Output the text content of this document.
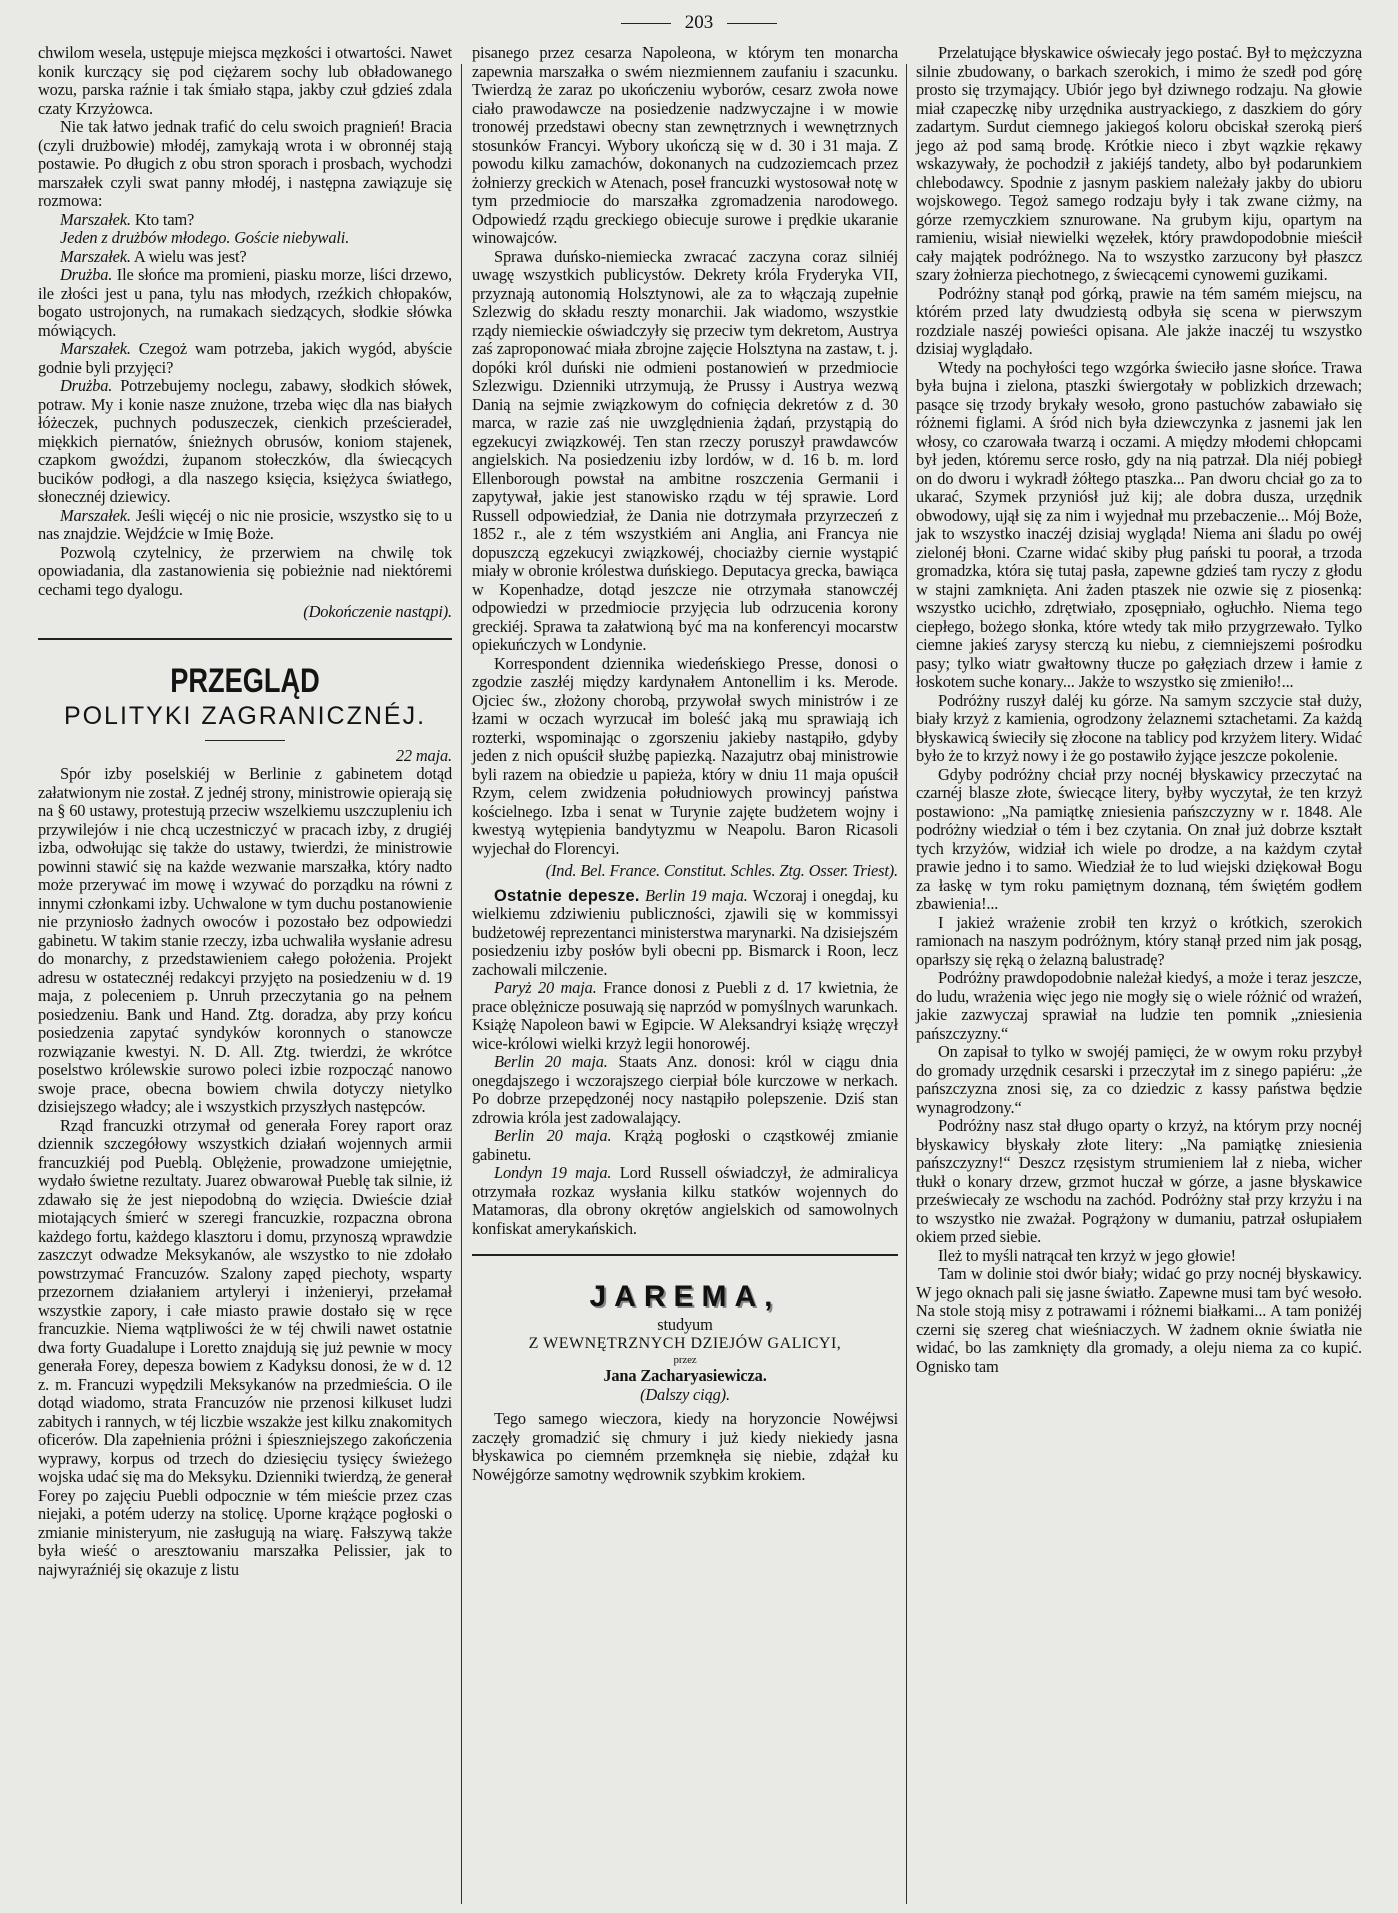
203

chwilom wesela, ustępuje miejsca męzkości i otwartości. Nawet konik kurczący się pod ciężarem sochy lub obładowanego wozu, parska raźnie i tak śmiało stąpa, jakby czuł gdzieś zdala czaty Krzyżowca.

Nie tak łatwo jednak trafić do celu swoich pragnień! Bracia (czyli drużbowie) młodéj, zamykają wrota i w obronnéj stają postawie. Po długich z obu stron sporach i prosbach, wychodzi marszałek czyli swat panny młodéj, i następna zawiązuje się rozmowa:

Marszałek. Kto tam?

Jeden z drużbów młodego. Goście niebywali.

Marszałek. A wielu was jest?

Drużba. Ile słońce ma promieni, piasku morze, liści drzewo, ile złości jest u pana, tylu nas młodych, rzeźkich chłopaków, bogato ustrojonych, na rumakach siedzących, słodkie słówka mówiących.

Marszałek. Czegoż wam potrzeba, jakich wygód, abyście godnie byli przyjęci?

Drużba. Potrzebujemy noclegu, zabawy, słodkich słówek, potraw. My i konie nasze znużone, trzeba więc dla nas białych łóżeczek, puchnych poduszeczek, cienkich prześcieradeł, miękkich piernatów, śnieżnych obrusów, koniom stajenek, czapkom gwoździ, żupanom stołeczków, dla świecących bucików podłogi, a dla naszego księcia, księżyca światłego, słonecznéj dziewicy.

Marszałek. Jeśli więcéj o nic nie prosicie, wszystko się to u nas znajdzie. Wejdźcie w Imię Boże.

Pozwolą czytelnicy, że przerwiem na chwilę tok opowiadania, dla zastanowienia się pobieżnie nad niektóremi cechami tego dyalogu.

(Dokończenie nastąpi).
PRZEGLĄD
POLITYKI ZAGRANICZNÉJ.
22 maja.

Spór izby poselskiéj w Berlinie z gabinetem dotąd załatwionym nie został. Z jednéj strony, ministrowie opierają się na § 60 ustawy, protestują przeciw wszelkiemu uszczupleniu ich przywilejów i nie chcą uczestniczyć w pracach izby, z drugiéj izba, odwołując się także do ustawy, twierdzi, że ministrowie powinni stawić się na każde wezwanie marszałka, który nadto może przerywać im mowę i wzywać do porządku na równi z innymi członkami izby. Uchwalone w tym duchu postanowienie nie przyniosło żadnych owoców i pozostało bez odpowiedzi gabinetu. W takim stanie rzeczy, izba uchwaliła wysłanie adresu do monarchy, z przedstawieniem całego położenia. Projekt adresu w ostatecznéj redakcyi przyjęto na posiedzeniu w d. 19 maja, z poleceniem p. Unruh przeczytania go na pełnem posiedzeniu. Bank und Hand. Ztg. doradza, aby przy końcu posiedzenia zapytać syndyków koronnych o stanowcze rozwiązanie kwestyi. N. D. All. Ztg. twierdzi, że wkrótce poselstwo królewskie surowo poleci izbie rozpocząć nanowo swoje prace, obecna bowiem chwila dotyczy nietylko dzisiejszego władcy; ale i wszystkich przyszłych następców.

Rząd francuzki otrzymał od generała Forey raport oraz dziennik szczegółowy wszystkich działań wojennych armii francuzkiéj pod Pueblą. Oblężenie, prowadzone umiejętnie, wydało świetne rezultaty. Juarez obwarował Pueblę tak silnie, iż zdawało się że jest niepodobną do wzięcia. Dwieście dział miotających śmierć w szeregi francuzkie, rozpaczna obrona każdego fortu, każdego klasztoru i domu, przynoszą wprawdzie zaszczyt odwadze Meksykanów, ale wszystko to nie zdołało powstrzymać Francuzów. Szalony zapęd piechoty, wsparty przezornem działaniem artyleryi i inżenieryi, przełamał wszystkie zapory, i całe miasto prawie dostało się w ręce francuzkie. Niema wątpliwości że w téj chwili nawet ostatnie dwa forty Guadalupe i Loretto znajdują się już pewnie w mocy generała Forey, depesza bowiem z Kadyksu donosi, że w d. 12 z. m. Francuzi wypędzili Meksykanów na przedmieścia. O ile dotąd wiadomo, strata Francuzów nie przenosi kilkuset ludzi zabitych i rannych, w téj liczbie wszakże jest kilku znakomitych oficerów. Dla zapełnienia próżni i śpieszniejszego zakończenia wyprawy, korpus od trzech do dziesięciu tysięcy świeżego wojska udać się ma do Meksyku. Dzienniki twierdzą, że generał Forey po zajęciu Puebli odpocznie w tém mieście przez czas niejaki, a potém uderzy na stolicę. Uporne krążące pogłoski o zmianie ministeryum, nie zasługują na wiarę. Fałszywą także była wieść o aresztowaniu marszałka Pelissier, jak to najwyraźniéj się okazuje z listu

pisanego przez cesarza Napoleona, w którym ten monarcha zapewnia marszałka o swém niezmiennem zaufaniu i szacunku. Twierdzą że zaraz po ukończeniu wyborów, cesarz zwoła nowe ciało prawodawcze na posiedzenie nadzwyczajne i w mowie tronowéj przedstawi obecny stan zewnętrznych i wewnętrznych stosunków Francyi. Wybory ukończą się w d. 30 i 31 maja. Z powodu kilku zamachów, dokonanych na cudzoziemcach przez żołnierzy greckich w Atenach, poseł francuzki wystosował notę w tym przedmiocie do marszałka zgromadzenia narodowego. Odpowiedź rządu greckiego obiecuje surowe i prędkie ukaranie winowajców.

Sprawa duńsko-niemiecka zwracać zaczyna coraz silniéj uwagę wszystkich publicystów. Dekrety króla Fryderyka VII, przyznają autonomią Holsztynowi, ale za to włączają zupełnie Szlezwig do składu reszty monarchii. Jak wiadomo, wszystkie rządy niemieckie oświadczyły się przeciw tym dekretom, Austrya zaś zaproponować miała zbrojne zajęcie Holsztyna na zastaw, t. j. dopóki król duński nie odmieni postanowień w przedmiocie Szlezwigu. Dzienniki utrzymują, że Prussy i Austrya wezwą Danią na sejmie związkowym do cofnięcia dekretów z d. 30 marca, w razie zaś nie uwzględnienia żądań, przystąpią do egzekucyi związkowéj. Ten stan rzeczy poruszył prawdawców angielskich. Na posiedzeniu izby lordów, w d. 16 b. m. lord Ellenborough powstał na ambitne roszczenia Germanii i zapytywał, jakie jest stanowisko rządu w téj sprawie. Lord Russell odpowiedział, że Dania nie dotrzymała przyrzeczeń z 1852 r., ale z tém wszystkiém ani Anglia, ani Francya nie dopuszczą egzekucyi związkowéj, chociażby ciernie wystąpić miały w obronie królestwa duńskiego. Deputacya grecka, bawiąca w Kopenhadze, dotąd jeszcze nie otrzymała stanowczéj odpowiedzi w przedmiocie przyjęcia lub odrzucenia korony greckiéj. Sprawa ta załatwioną być ma na konferencyi mocarstw opiekuńczych w Londynie.

Korrespondent dziennika wiedeńskiego Presse, donosi o zgodzie zaszłéj między kardynałem Antonellim i ks. Merode. Ojciec św., złożony chorobą, przywołał swych ministrów i ze łzami w oczach wyrzucał im boleść jaką mu sprawiają ich rozterki, wspominając o zgorszeniu jakieby nastąpiło, gdyby jeden z nich opuścił służbę papiezką. Nazajutrz obaj ministrowie byli razem na obiedzie u papieża, który w dniu 11 maja opuścił Rzym, celem zwidzenia południowych prowincyj państwa kościelnego. Izba i senat w Turynie zajęte budżetem wojny i kwestyą wytępienia bandytyzmu w Neapolu. Baron Ricasoli wyjechał do Florencyi.

(Ind. Bel. France. Constitut. Schles. Ztg. Osser. Triest).

Ostatnie depesze. Berlin 19 maja. Wczoraj i onegdaj, ku wielkiemu zdziwieniu publiczności, zjawili się w kommissyi budżetowéj reprezentanci ministerstwa marynarki. Na dzisiejszém posiedzeniu izby posłów byli obecni pp. Bismarck i Roon, lecz zachowali milczenie.

Paryż 20 maja. France donosi z Puebli z d. 17 kwietnia, że prace oblężnicze posuwają się naprzód w pomyślnych warunkach. Książę Napoleon bawi w Egipcie. W Aleksandryi książę wręczył wice-królowi wielki krzyż legii honorowéj.

Berlin 20 maja. Staats Anz. donosi: król w ciągu dnia onegdajszego i wczorajszego cierpiał bóle kurczowe w nerkach. Po dobrze przepędzonéj nocy nastąpiło polepszenie. Dziś stan zdrowia króla jest zadowalający.

Berlin 20 maja. Krążą pogłoski o cząstkowéj zmianie gabinetu.

Londyn 19 maja. Lord Russell oświadczył, że admiralicya otrzymała rozkaz wysłania kilku statków wojennych do Matamoras, dla obrony okrętów angielskich od samowolnych konfiskat amerykańskich.

JAREMA,
studyum
Z WEWNĘTRZNYCH DZIEJÓW GALICYI,
przez
Jana Zacharyasiewicza.
(Dalszy ciąg).

Tego samego wieczora, kiedy na horyzoncie Nowéjwsi zaczęły gromadzić się chmury i już kiedy niekiedy jasna błyskawica po ciemném przemknęła się niebie, zdążał ku Nowéjgórze samotny wędrownik szybkim krokiem.

Przelatujące błyskawice oświecały jego postać. Był to mężczyzna silnie zbudowany, o barkach szerokich, i mimo że szedł pod górę prosto się trzymający. Ubiór jego był dziwnego rodzaju. Na głowie miał czapeczkę niby urzędnika austryackiego, z daszkiem do góry zadartym. Surdut ciemnego jakiegoś koloru obciskał szeroką pierś jego aż pod samą brodę. Krótkie nieco i zbyt wązkie rękawy wskazywały, że pochodził z jakiéjś tandety, albo był podarunkiem chlebodawcy. Spodnie z jasnym paskiem należały jakby do ubioru wojskowego. Tegoż samego rodzaju były i tak zwane ciżmy, na górze rzemyczkiem sznurowane. Na grubym kiju, opartym na ramieniu, wisiał niewielki węzełek, który prawdopodobnie mieścił cały majątek podróżnego. Na to wszystko zarzucony był płaszcz szary żołnierza piechotnego, z świecącemi cynowemi guzikami.

Podróżny stanął pod górką, prawie na tém samém miejscu, na którém przed laty dwudziestą odbyła się scena w pierwszym rozdziale naszéj powieści opisana. Ale jakże inaczéj tu wszystko dzisiaj wyglądało.

Wtedy na pochyłości tego wzgórka świeciło jasne słońce. Trawa była bujna i zielona, ptaszki świergotały w poblizkich drzewach; pasące się trzody brykały wesoło, grono pastuchów zabawiało się różnemi figlami. A śród nich była dziewczynka z jasnemi jak len włosy, co czarowała twarzą i oczami. A między młodemi chłopcami był jeden, któremu serce rosło, gdy na nią patrzał. Dla niéj pobiegł on do dworu i wykradł żółtego ptaszka... Pan dworu chciał go za to ukarać, Szymek przyniósł już kij; ale dobra dusza, urzędnik obwodowy, ujął się za nim i wyjednał mu przebaczenie... Mój Boże, jak to wszystko inaczéj dzisiaj wygląda! Niema ani śladu po owéj zielonéj błoni. Czarne widać skiby pług pański tu poorał, a trzoda gromadzka, która się tutaj pasła, zapewne gdzieś tam ryczy z głodu w stajni zamknięta. Ani żaden ptaszek nie ozwie się z piosenką: wszystko ucichło, zdrętwiało, zposępniało, ogłuchło. Niema tego ciepłego, bożego słonka, które wtedy tak miło przygrzewało. Tylko ciemne jakieś zarysy sterczą ku niebu, z ciemniejszemi pośrodku pasy; tylko wiatr gwałtowny tłucze po gałęziach drzew i łamie z łoskotem suche konary... Jakże to wszystko się zmieniło!...

Podróżny ruszył daléj ku górze. Na samym szczycie stał duży, biały krzyż z kamienia, ogrodzony żelaznemi sztachetami. Za każdą błyskawicą świeciły się złocone na tablicy pod krzyżem litery. Widać było że to krzyż nowy i że go postawiło żyjące jeszcze pokolenie.

Gdyby podróżny chciał przy nocnéj błyskawicy przeczytać na czarnéj blasze złote, świecące litery, byłby wyczytał, że ten krzyż postawiono: „Na pamiątkę zniesienia pańszczyzny w r. 1848. Ale podróżny wiedział o tém i bez czytania. On znał już dobrze kształt tych krzyżów, widział ich wiele po drodze, a na każdym czytał prawie jedno i to samo. Wiedział że to lud wiejski dziękował Bogu za łaskę w tym roku pamiętnym doznaną, tém świętém godłem zbawienia!...

I jakież wrażenie zrobił ten krzyż o krótkich, szerokich ramionach na naszym podróżnym, który stanął przed nim jak posąg, oparłszy się ręką o żelazną balustradę?

Podróżny prawdopodobnie należał kiedyś, a może i teraz jeszcze, do ludu, wrażenia więc jego nie mogły się o wiele różnić od wrażeń, jakie zazwyczaj sprawiał na ludzie ten pomnik „zniesienia pańszczyzny.“

On zapisał to tylko w swojéj pamięci, że w owym roku przybył do gromady urzędnik cesarski i przeczytał im z sinego papiéru: „że pańszczyzna znosi się, za co dziedzic z kassy państwa będzie wynagrodzony.“

Podróżny nasz stał długo oparty o krzyż, na którym przy nocnéj błyskawicy błyskały złote litery: „Na pamiątkę zniesienia pańszczyzny!“ Deszcz rzęsistym strumieniem lał z nieba, wicher tłukł o konary drzew, grzmot huczał w górze, a jasne błyskawice przeświecały ze wschodu na zachód. Podróżny stał przy krzyżu i na to wszystko nie zważał. Pogrążony w dumaniu, patrzał osłupiałem okiem przed siebie.

Ileż to myśli natrącał ten krzyż w jego głowie!

Tam w dolinie stoi dwór biały; widać go przy nocnéj błyskawicy. W jego oknach pali się jasne światło. Zapewne musi tam być wesoło. Na stole stoją misy z potrawami i różnemi białkami... A tam poniżéj czerni się szereg chat wieśniaczych. W żadnem oknie światła nie widać, bo las zamknięty dla gromady, a oleju niema za co kupić. Ognisko tam
